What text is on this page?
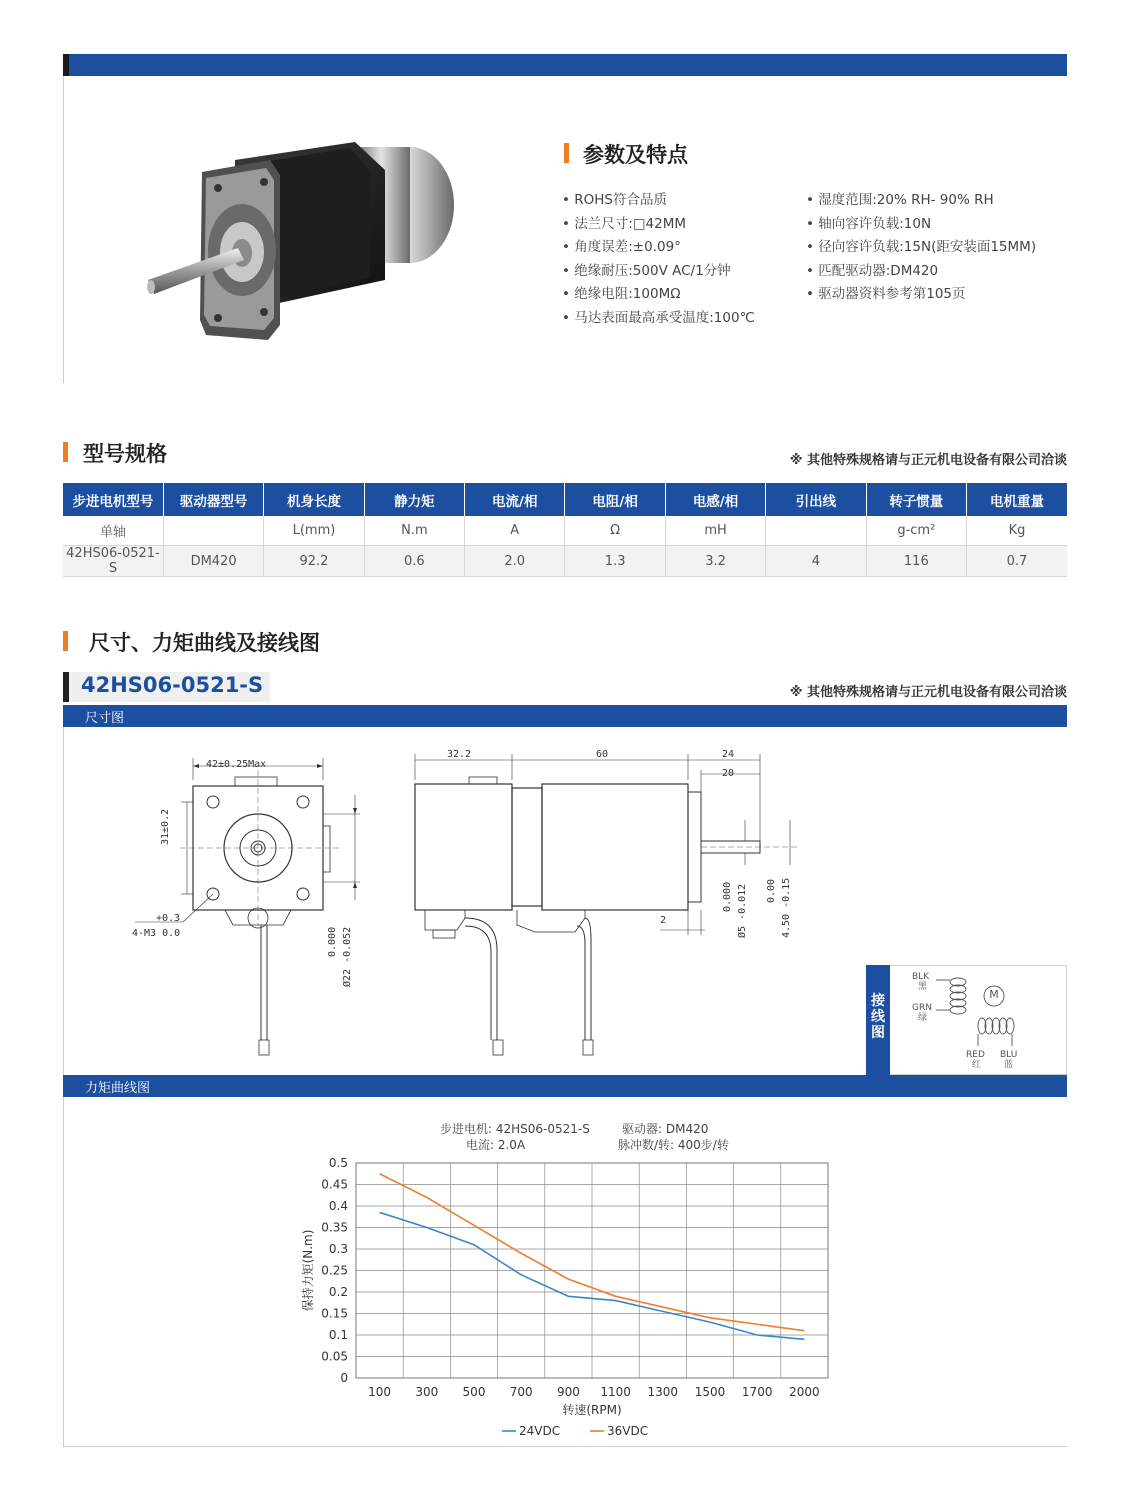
参数及特点
• ROHS符合品质
• 法兰尺寸:□42MM
• 角度误差:±0.09°
• 绝缘耐压:500V AC/1分钟
• 绝缘电阻:100MΩ
• 马达表面最高承受温度:100℃
• 湿度范围:20% RH- 90% RH
• 轴向容许负载:10N
• 径向容许负载:15N(距安装面15MM)
• 匹配驱动器:DM420
• 驱动器资料参考第105页
型号规格	※ 其他特殊规格请与正元机电设备有限公司洽谈
步进电机型号	驱动器型号	机身长度	静力矩	电流/相	电阻/相	电感/相	引出线	转子惯量	电机重量
单轴		L(mm)	N.m	A	Ω	mH		g-cm²	Kg
42HS06-0521-S	DM420	92.2	0.6	2.0	1.3	3.2	4	116	0.7
尺寸、力矩曲线及接线图
42HS06-0521-S	※ 其他特殊规格请与正元机电设备有限公司洽谈
尺寸图
42±0.25Max
31±0.2
+0.3
4-M3 0.0	0.000 Ø22 -0.052
32.2	60	24
20
2
0.000 Ø5 -0.012 0.00 4.50 -0.15
接线图
M
BLK
黑
GRN
绿
RED
红
BLU
蓝
力矩曲线图
步进电机: 42HS06-0521-S	驱动器: DM420
电流: 2.0A	脉冲数/转: 400步/转
0
0.05
0.1
0.15
0.2
0.25
0.3
0.35
0.4
0.45
0.5
100 300 500 700 900 1100 1300 1500 1700 2000
转速(RPM)
保持力矩(N.m)
24VDC	36VDC
